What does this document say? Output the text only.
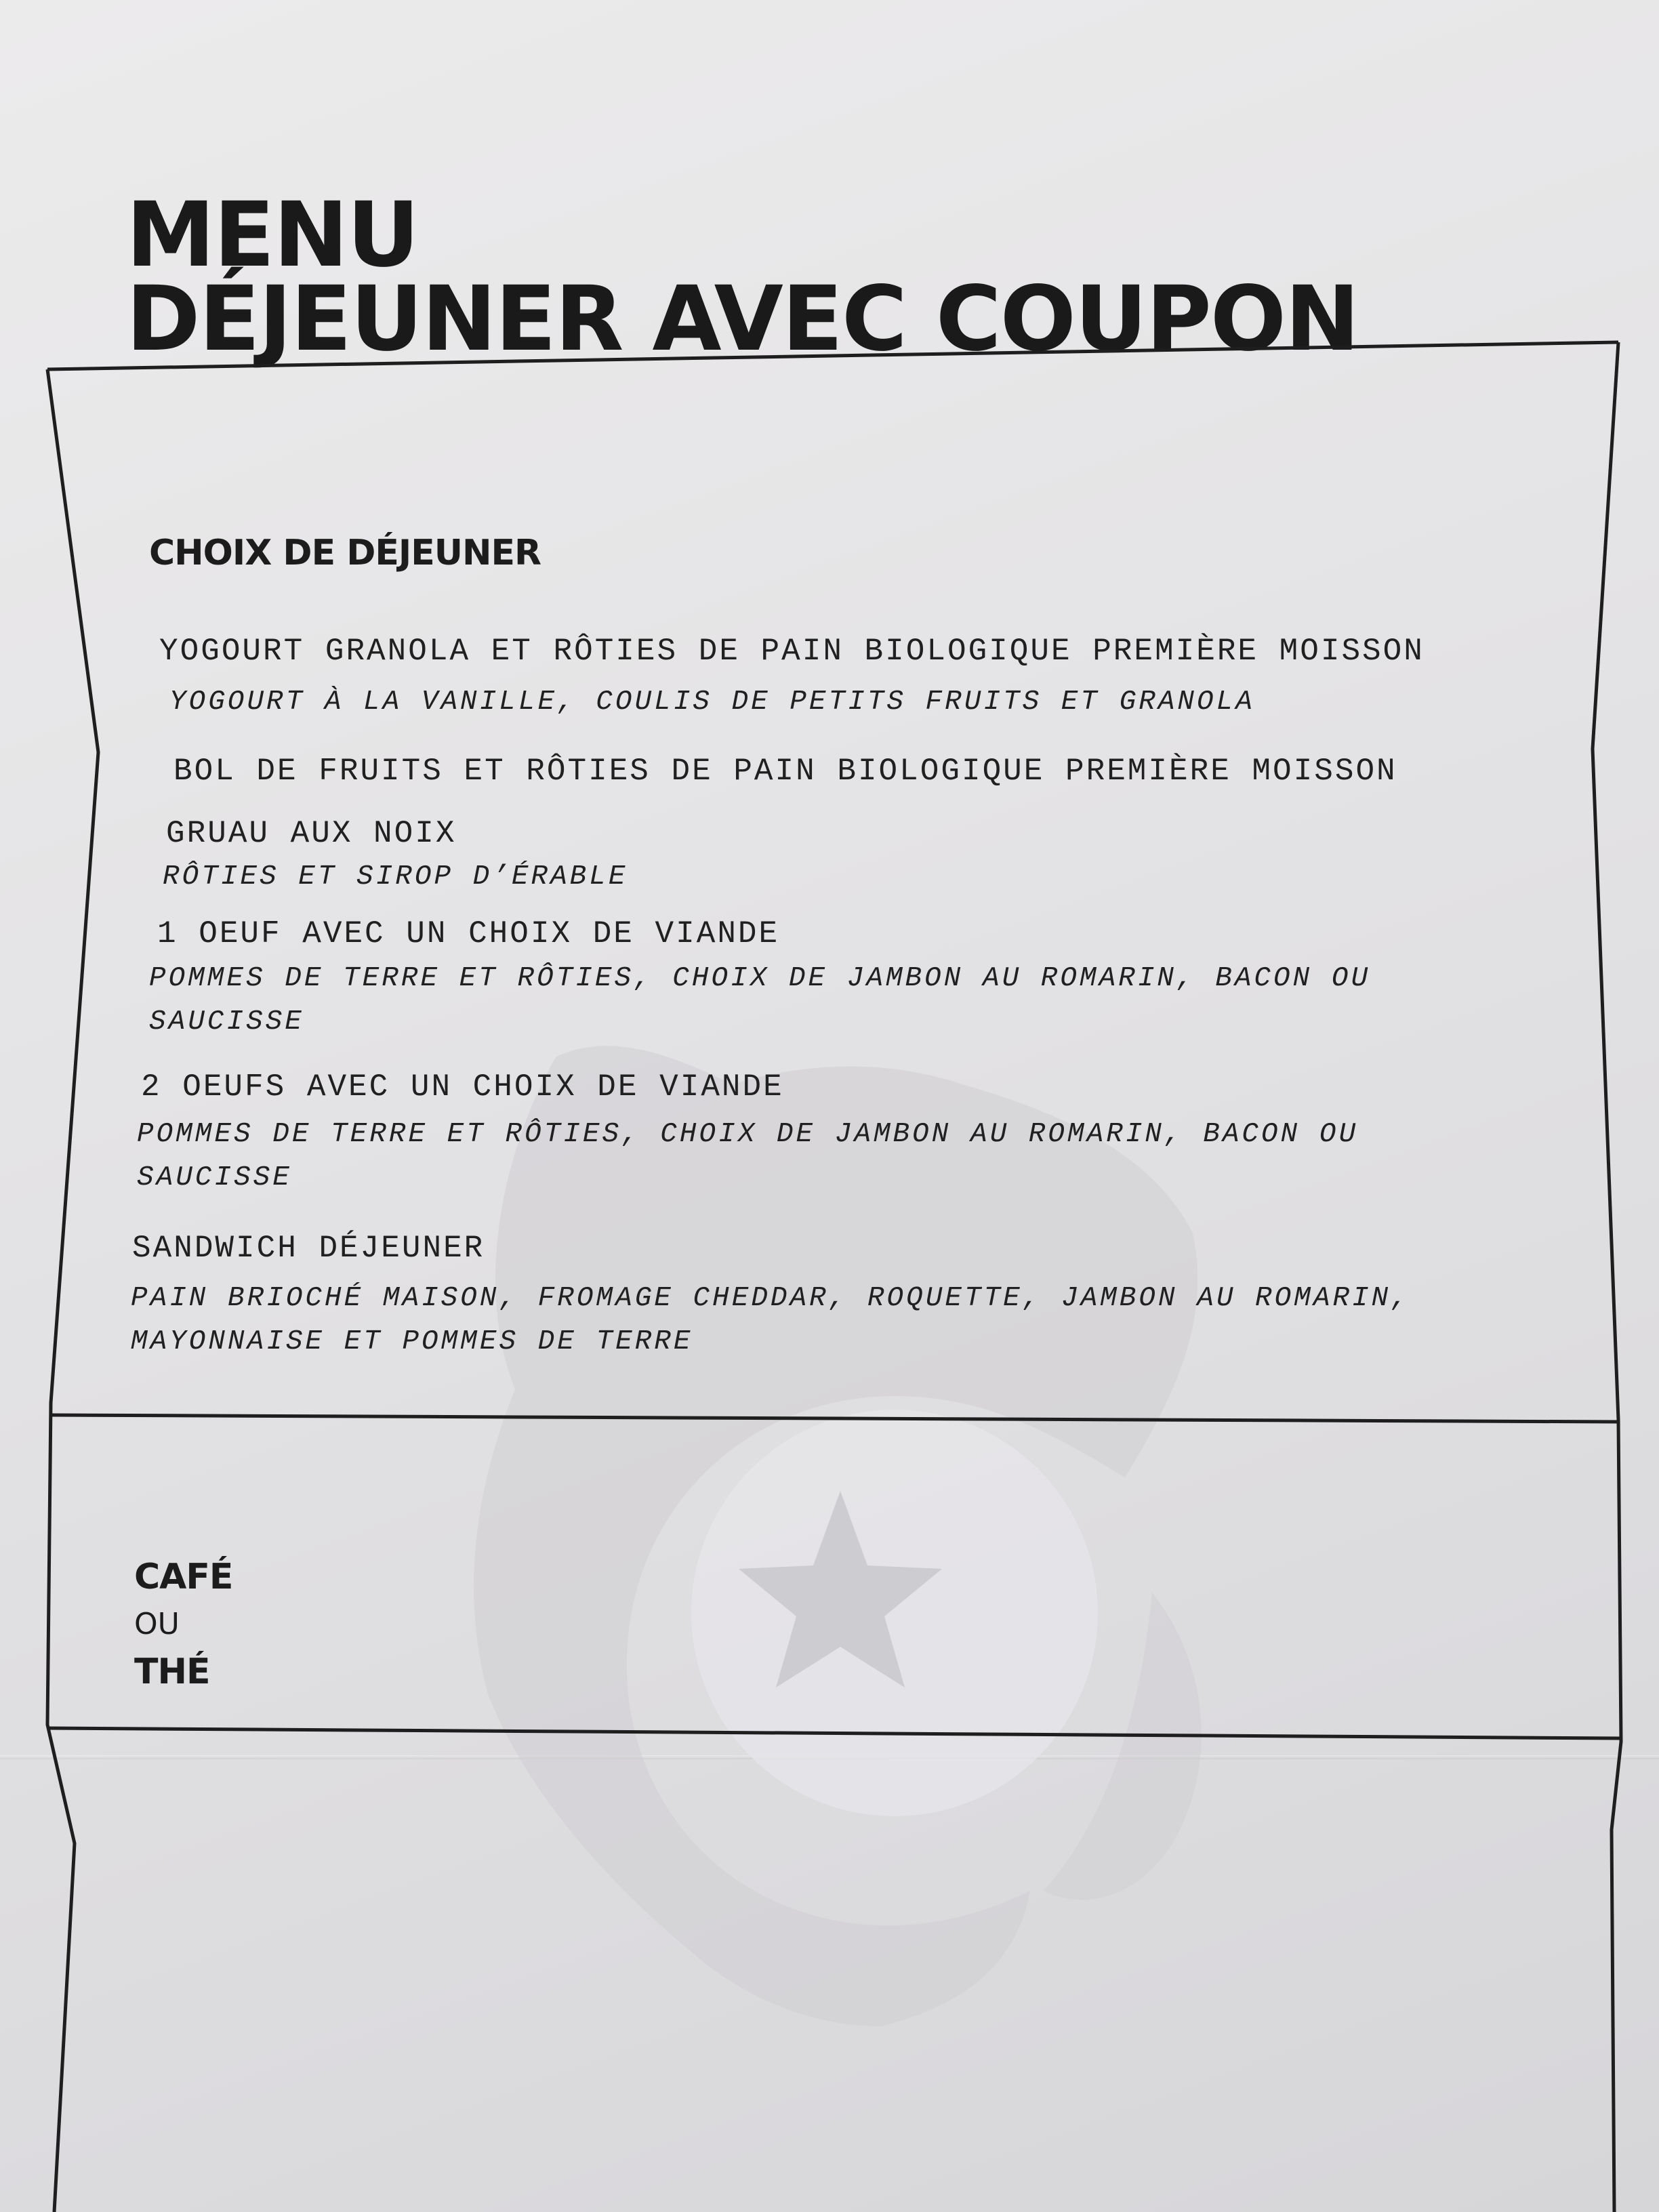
MENU
DÉJEUNER AVEC COUPON
CHOIX DE DÉJEUNER
YOGOURT GRANOLA ET RÔTIES DE PAIN BIOLOGIQUE PREMIÈRE MOISSON
YOGOURT À LA VANILLE, COULIS DE PETITS FRUITS ET GRANOLA
BOL DE FRUITS ET RÔTIES DE PAIN BIOLOGIQUE PREMIÈRE MOISSON
GRUAU AUX NOIX
RÔTIES ET SIROP D’ÉRABLE
1 OEUF AVEC UN CHOIX DE VIANDE
POMMES DE TERRE ET RÔTIES, CHOIX DE JAMBON AU ROMARIN, BACON OU
SAUCISSE
2 OEUFS AVEC UN CHOIX DE VIANDE
POMMES DE TERRE ET RÔTIES, CHOIX DE JAMBON AU ROMARIN, BACON OU
SAUCISSE
SANDWICH DÉJEUNER
PAIN BRIOCHÉ MAISON, FROMAGE CHEDDAR, ROQUETTE, JAMBON AU ROMARIN,
MAYONNAISE ET POMMES DE TERRE
CAFÉ
OU
THÉ
